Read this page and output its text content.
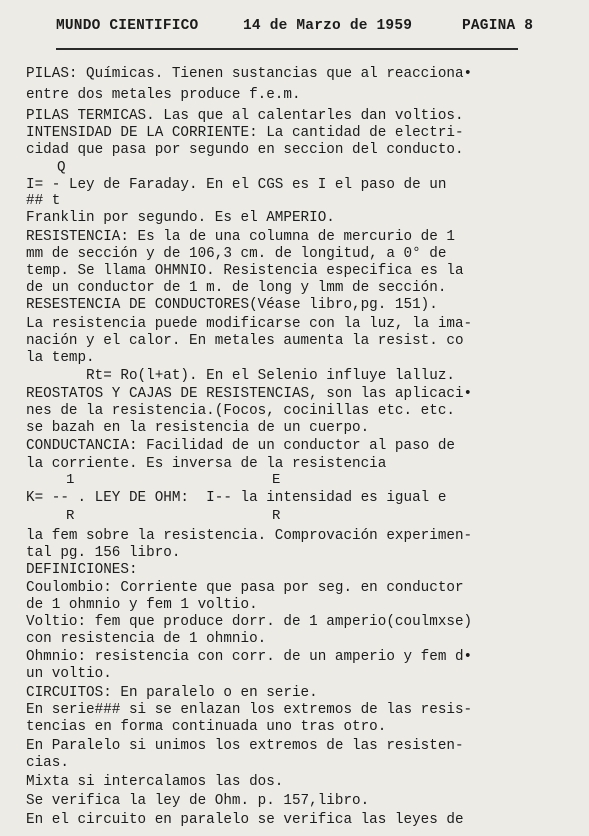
MUNDO CIENTIFICO	14 de Marzo de 1959	PAGINA 8
PILAS: Químicas. Tienen sustancias que al reacciona•
entre dos metales produce f.e.m.
PILAS TERMICAS. Las que al calentarles dan voltios.
INTENSIDAD DE LA CORRIENTE: La cantidad de electri-
cidad que pasa por segundo en seccion del conducto.
Q
I= - Ley de Faraday. En el CGS es I el paso de un
## t
Franklin por segundo. Es el AMPERIO.
RESISTENCIA: Es la de una columna de mercurio de 1
mm de sección y de 106,3 cm. de longitud, a 0° de
temp. Se llama OHMNIO. Resistencia especifica es la
de un conductor de 1 m. de long y lmm de sección.
RESESTENCIA DE CONDUCTORES(Véase libro,pg. 151).
La resistencia puede modificarse con la luz, la ima-
nación y el calor. En metales aumenta la resist. co
la temp.
Rt= Ro(l+at). En el Selenio influye lalluz.
REOSTATOS Y CAJAS DE RESISTENCIAS, son las aplicaci•
nes de la resistencia.(Focos, cocinillas etc. etc.
se bazah en la resistencia de un cuerpo.
CONDUCTANCIA: Facilidad de un conductor al paso de
la corriente. Es inversa de la resistencia

1

R

E

R

K= -- . LEY DE OHM:  I-- la intensidad es igual e
la fem sobre la resistencia. Comprovación experimen-
tal pg. 156 libro.
DEFINICIONES:
Coulombio: Corriente que pasa por seg. en conductor
de 1 ohmnio y fem 1 voltio.
Voltio: fem que produce dorr. de 1 amperio(coulmxse)
con resistencia de 1 ohmnio.
Ohmnio: resistencia con corr. de un amperio y fem d•
un voltio.
CIRCUITOS: En paralelo o en serie.
En serie### si se enlazan los extremos de las resis-
tencias en forma continuada uno tras otro.
En Paralelo si unimos los extremos de las resisten-
cias.
Mixta si intercalamos las dos.
Se verifica la ley de Ohm. p. 157,libro.
En el circuito en paralelo se verifica las leyes de
